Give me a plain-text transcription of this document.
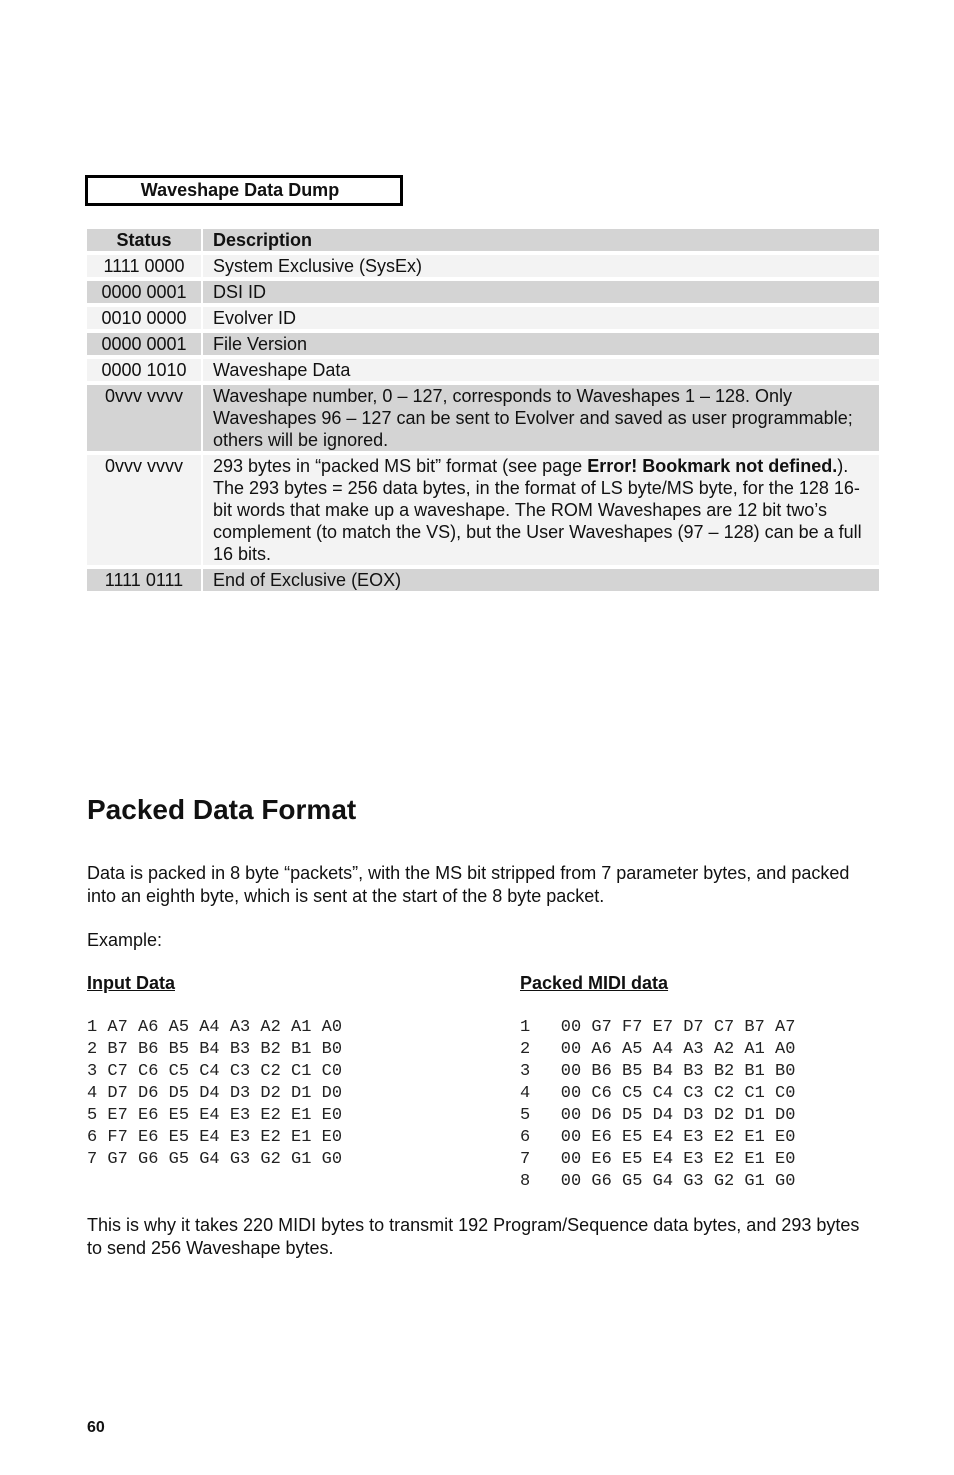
Waveshape Data Dump
Status	Description
1111 0000	System Exclusive (SysEx)
0000 0001	DSI ID
0010 0000	Evolver ID
0000 0001	File Version
0000 1010	Waveshape Data
0vvv vvvv	Waveshape number, 0 – 127, corresponds to Waveshapes 1 – 128. Only Waveshapes 96 – 127 can be sent to Evolver and saved as user programmable; others will be ignored.
0vvv vvvv	293 bytes in “packed MS bit” format (see page Error! Bookmark not defined.). The 293 bytes = 256 data bytes, in the format of LS byte/MS byte, for the 128 16-bit words that make up a waveshape. The ROM Waveshapes are 12 bit two’s complement (to match the VS), but the User Waveshapes (97 – 128) can be a full 16 bits.
1111 0111	End of Exclusive (EOX)
Packed Data Format

Data is packed in 8 byte “packets”, with the MS bit stripped from 7 parameter bytes, and packed into an eighth byte, which is sent at the start of the 8 byte packet.

Example:

Input Data	Packed MIDI data
1 A7 A6 A5 A4 A3 A2 A1 A0
2 B7 B6 B5 B4 B3 B2 B1 B0
3 C7 C6 C5 C4 C3 C2 C1 C0
4 D7 D6 D5 D4 D3 D2 D1 D0
5 E7 E6 E5 E4 E3 E2 E1 E0
6 F7 E6 E5 E4 E3 E2 E1 E0
7 G7 G6 G5 G4 G3 G2 G1 G0
1   00 G7 F7 E7 D7 C7 B7 A7
2   00 A6 A5 A4 A3 A2 A1 A0
3   00 B6 B5 B4 B3 B2 B1 B0
4   00 C6 C5 C4 C3 C2 C1 C0
5   00 D6 D5 D4 D3 D2 D1 D0
6   00 E6 E5 E4 E3 E2 E1 E0
7   00 E6 E5 E4 E3 E2 E1 E0
8   00 G6 G5 G4 G3 G2 G1 G0

This is why it takes 220 MIDI bytes to transmit 192 Program/Sequence data bytes, and 293 bytes to send 256 Waveshape bytes.

60
